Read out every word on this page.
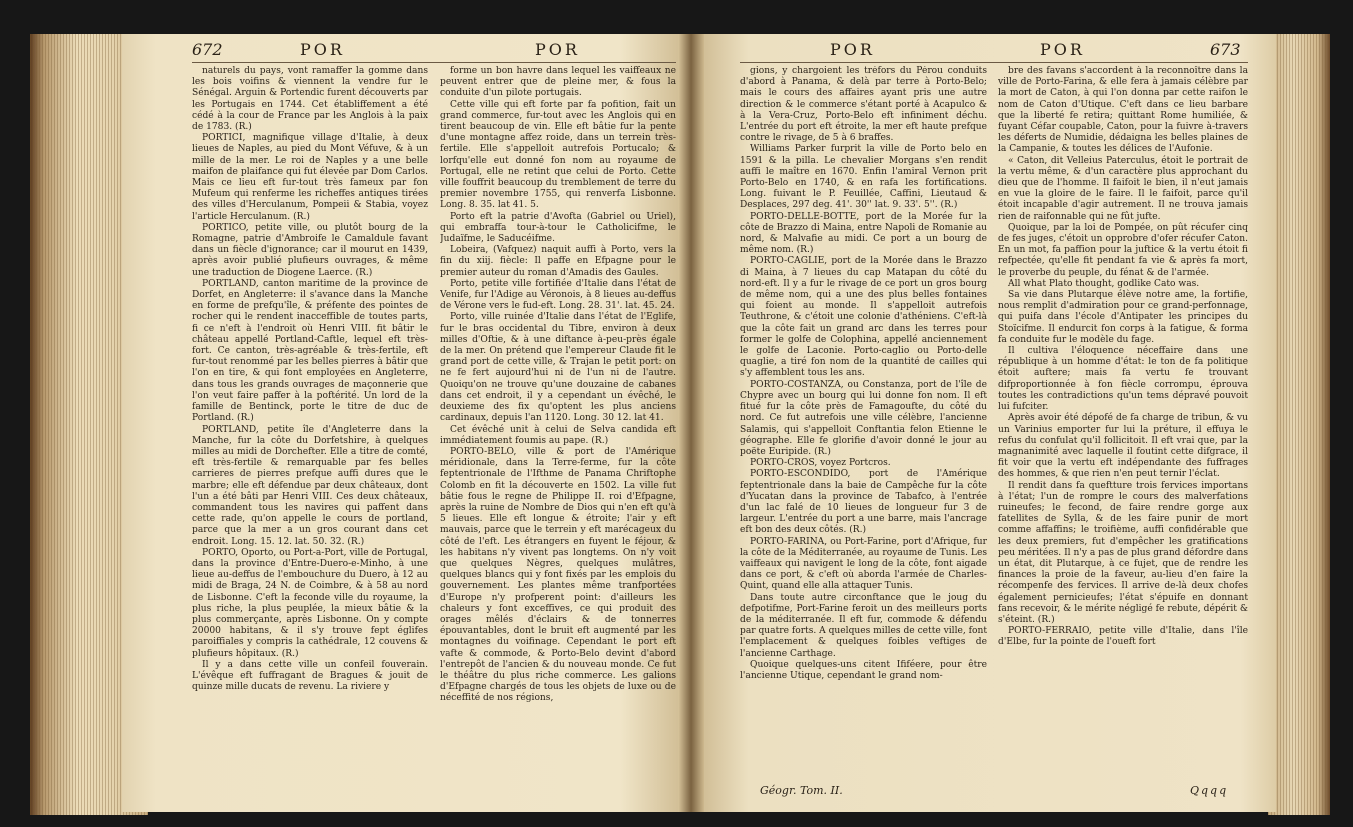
672	POR	POR

naturels du pays, vont ramaffer la gomme dans les bois voifins & viennent la vendre fur le Sénégal. Arguin & Portendic furent découverts par les Portugais en 1744. Cet établiffement a été cédé à la cour de France par les Anglois à la paix de 1783. (R.)

PORTICI, magnifique village d'Italie, à deux lieues de Naples, au pied du Mont Véfuve, & à un mille de la mer. Le roi de Naples y a une belle maifon de plaifance qui fut élevée par Dom Carlos. Mais ce lieu eft fur-tout très fameux par fon Mufeum qui renferme les richeffes antiques tirées des villes d'Herculanum, Pompeii & Stabia, voyez l'article Herculanum. (R.)

PORTICO, petite ville, ou plutôt bourg de la Romagne, patrie d'Ambroife le Camaldule favant dans un fiècle d'ignorance; car il mourut en 1439, après avoir publié plufieurs ouvrages, & même une traduction de Diogene Laerce. (R.)

PORTLAND, canton maritime de la province de Dorfet, en Angleterre: il s'avance dans la Manche en forme de prefqu'île, & préfente des pointes de rocher qui le rendent inacceffible de toutes parts, fi ce n'eft à l'endroit où Henri VIII. fit bâtir le château appellé Portland-Caftle, lequel eft très-fort. Ce canton, très-agréable & très-fertile, eft fur-tout renommé par les belles pierres à bâtir que l'on en tire, & qui font employées en Angleterre, dans tous les grands ouvrages de maçonnerie que l'on veut faire paffer à la poftérité. Un lord de la famille de Bentinck, porte le titre de duc de Portland. (R.)

PORTLAND, petite île d'Angleterre dans la Manche, fur la côte du Dorfetshire, à quelques milles au midi de Dorchefter. Elle a titre de comté, eft très-fertile & remarquable par fes belles carrieres de pierres prefque auffi dures que le marbre; elle eft défendue par deux châteaux, dont l'un a été bâti par Henri VIII. Ces deux châteaux, commandent tous les navires qui paffent dans cette rade, qu'on appelle le cours de portland, parce que la mer a un gros courant dans cet endroit. Long. 15. 12. lat. 50. 32. (R.)

PORTO, Oporto, ou Port-a-Port, ville de Portugal, dans la province d'Entre-Duero-e-Minho, à une lieue au-deffus de l'embouchure du Duero, à 12 au midi de Braga, 24 N. de Coimbre, & à 58 au nord de Lisbonne. C'eft la feconde ville du royaume, la plus riche, la plus peuplée, la mieux bâtie & la plus commerçante, après Lisbonne. On y compte 20000 habitans, & il s'y trouve fept églifes paroiffiales y compris la cathédrale, 12 couvens & plufieurs hôpitaux. (R.)

Il y a dans cette ville un confeil fouverain. L'évêque eft fuffragant de Bragues & jouit de quinze mille ducats de revenu. La riviere y

forme un bon havre dans lequel les vaiffeaux ne peuvent entrer que de pleine mer, & fous la conduite d'un pilote portugais.

Cette ville qui eft forte par fa pofition, fait un grand commerce, fur-tout avec les Anglois qui en tirent beaucoup de vin. Elle eft bâtie fur la pente d'une montagne affez roide, dans un terrein très-fertile. Elle s'appelloit autrefois Portucalo; & lorfqu'elle eut donné fon nom au royaume de Portugal, elle ne retint que celui de Porto. Cette ville fouffrit beaucoup du tremblement de terre du premier novembre 1755, qui renverfa Lisbonne. Long. 8. 35. lat 41. 5.

Porto eft la patrie d'Avofta (Gabriel ou Uriel), qui embraffa tour-à-tour le Catholicifme, le Judaïfme, le Saducéifme.

Lobeira, (Vafquez) naquit auffi à Porto, vers la fin du xiij. fiècle: Il paffe en Efpagne pour le premier auteur du roman d'Amadis des Gaules.

Porto, petite ville fortifiée d'Italie dans l'état de Venife, fur l'Adige au Véronois, à 8 lieues au-deffus de Vérone vers le fud-eft. Long. 28. 31'. lat. 45. 24.

Porto, ville ruinée d'Italie dans l'état de l'Eglife, fur le bras occidental du Tibre, environ à deux milles d'Oftie, & à une diftance à-peu-près égale de la mer. On prétend que l'empereur Claude fit le grand port de cette ville, & Trajan le petit port: on ne fe fert aujourd'hui ni de l'un ni de l'autre. Quoiqu'on ne trouve qu'une douzaine de cabanes dans cet endroit, il y a cependant un évêché, le deuxieme des fix qu'optent les plus anciens cardinaux, depuis l'an 1120. Long. 30 12. lat 41.

Cet évêché unit à celui de Selva candida eft immédiatement foumis au pape. (R.)

PORTO-BELO, ville & port de l'Amérique méridionale, dans la Terre-ferme, fur la côte feptentrionale de l'Ifthme de Panama Chriftophe Colomb en fit la découverte en 1502. La ville fut bâtie fous le regne de Philippe II. roi d'Efpagne, après la ruine de Nombre de Dios qui n'en eft qu'à 5 lieues. Elle eft longue & étroite; l'air y eft mauvais, parce que le terrein y eft marécageux du côté de l'eft. Les étrangers en fuyent le féjour, & les habitans n'y vivent pas longtems. On n'y voit que quelques Nègres, quelques mulâtres, quelques blancs qui y font fixés par les emplois du gouvernement. Les plantes même tranfportées d'Europe n'y profperent point: d'ailleurs les chaleurs y font exceffives, ce qui produit des orages mêlés d'éclairs & de tonnerres épouvantables, dont le bruit eft augmenté par les montagnes du voifinage. Cependant le port eft vafte & commode, & Porto-Belo devint d'abord l'entrepôt de l'ancien & du nouveau monde. Ce fut le théâtre du plus riche commerce. Les galions d'Efpagne chargés de tous les objets de luxe ou de néceffité de nos régions,

POR	POR	673

gions, y chargoient les tréfors du Pérou conduits d'abord à Panama, & delà par terre à Porto-Belo; mais le cours des affaires ayant pris une autre direction & le commerce s'étant porté à Acapulco & à la Vera-Cruz, Porto-Belo eft infiniment déchu. L'entrée du port eft étroite, la mer eft haute prefque contre le rivage, de 5 à 6 braffes.

Williams Parker furprit la ville de Porto belo en 1591 & la pilla. Le chevalier Morgans s'en rendit auffi le maître en 1670. Enfin l'amiral Vernon prit Porto-Belo en 1740, & en rafa les fortifications. Long. fuivant le P. Feuillée, Caffini, Lieutaud & Desplaces, 297 deg. 41'. 30'' lat. 9. 33'. 5''. (R.)

PORTO-DELLE-BOTTE, port de la Morée fur la côte de Brazzo di Maina, entre Napoli de Romanie au nord, & Malvafie au midi. Ce port a un bourg de même nom. (R.)

PORTO-CAGLIE, port de la Morée dans le Brazzo di Maina, à 7 lieues du cap Matapan du côté du nord-eft. Il y a fur le rivage de ce port un gros bourg de même nom, qui a une des plus belles fontaines qui foient au monde. Il s'appelloit autrefois Teuthrone, & c'étoit une colonie d'athéniens. C'eft-là que la côte fait un grand arc dans les terres pour former le golfe de Colophina, appellé anciennement le golfe de Laconie. Porto-caglio ou Porto-delle quaglie, a tiré fon nom de la quantité de cailles qui s'y affemblent tous les ans.

PORTO-COSTANZA, ou Constanza, port de l'île de Chypre avec un bourg qui lui donne fon nom. Il eft fitué fur la côte près de Famagoufte, du côté du nord. Ce fut autrefois une ville célèbre, l'ancienne Salamis, qui s'appelloit Conftantia felon Etienne le géographe. Elle fe glorifie d'avoir donné le jour au poëte Euripide. (R.)

PORTO-CROS, voyez Portcros.

PORTO-ESCONDIDO, port de l'Amérique feptentrionale dans la baie de Campêche fur la côte d'Yucatan dans la province de Tabafco, à l'entrée d'un lac falé de 10 lieues de longueur fur 3 de largeur. L'entrée du port a une barre, mais l'ancrage eft bon des deux côtés. (R.)

PORTO-FARINA, ou Port-Farine, port d'Afrique, fur la côte de la Méditerranée, au royaume de Tunis. Les vaiffeaux qui navigent le long de la côte, font aigade dans ce port, & c'eft où aborda l'armée de Charles-Quint, quand elle alla attaquer Tunis.

Dans toute autre circonftance que le joug du defpotifme, Port-Farine feroit un des meilleurs ports de la méditerranée. Il eft fur, commode & défendu par quatre forts. A quelques milles de cette ville, font l'emplacement & quelques foibles veftiges de l'ancienne Carthage.

Quoique quelques-uns citent Ififéere, pour être l'ancienne Utique, cependant le grand nom-

bre des favans s'accordent à la reconnoître dans la ville de Porto-Farina, & elle fera à jamais célèbre par la mort de Caton, à qui l'on donna par cette raifon le nom de Caton d'Utique. C'eft dans ce lieu barbare que la liberté fe retira; quittant Rome humiliée, & fuyant Céfar coupable, Caton, pour la fuivre à-travers les déferts de Numidie, dédaigna les belles plaines de la Campanie, & toutes les délices de l'Aufonie.

« Caton, dit Velleius Paterculus, étoit le portrait de la vertu même, & d'un caractère plus approchant du dieu que de l'homme. Il faifoit le bien, il n'eut jamais en vue la gloire de le faire. Il le faifoit, parce qu'il étoit incapable d'agir autrement. Il ne trouva jamais rien de raifonnable qui ne fût jufte.

Quoique, par la loi de Pompée, on pût récufer cinq de fes juges, c'étoit un opprobre d'ofer récufer Caton. En un mot, fa paffion pour la juftice & la vertu étoit fi refpectée, qu'elle fit pendant fa vie & après fa mort, le proverbe du peuple, du fénat & de l'armée.

All what Plato thought, godlike Cato was.

Sa vie dans Plutarque élève notre ame, la fortifie, nous remplit d'admiration pour ce grand-perfonnage, qui puifa dans l'école d'Antipater les principes du Stoïcifme. Il endurcit fon corps à la fatigue, & forma fa conduite fur le modèle du fage.

Il cultiva l'éloquence néceffaire dans une république à un homme d'état: le ton de fa politique étoit auftere; mais fa vertu fe trouvant difproportionnée à fon fiècle corrompu, éprouva toutes les contradictions qu'un tems dépravé pouvoit lui fufciter.

Après avoir été dépofé de fa charge de tribun, & vu un Varinius emporter fur lui la préture, il effuya le refus du confulat qu'il follicitoit. Il eft vrai que, par la magnanimité avec laquelle il foutint cette difgrace, il fit voir que la vertu eft indépendante des fuffrages des hommes, & que rien n'en peut ternir l'éclat.

Il rendit dans fa queftture trois fervices importans à l'état; l'un de rompre le cours des malverfations ruineufes; le fecond, de faire rendre gorge aux fatellites de Sylla, & de les faire punir de mort comme affaffins; le troifième, auffi confidérable que les deux premiers, fut d'empêcher les gratifications peu méritées. Il n'y a pas de plus grand défordre dans un état, dit Plutarque, à ce fujet, que de rendre les finances la proie de la faveur, au-lieu d'en faire la récompenfe des fervices. Il arrive de-là deux chofes également pernicieufes; l'état s'épuife en donnant fans recevoir, & le mérite négligé fe rebute, dépérit & s'éteint. (R.)

PORTO-FERRAIO, petite ville d'Italie, dans l'île d'Elbe, fur la pointe de l'oueft fort

Géogr. Tom. II.	Qqqq
